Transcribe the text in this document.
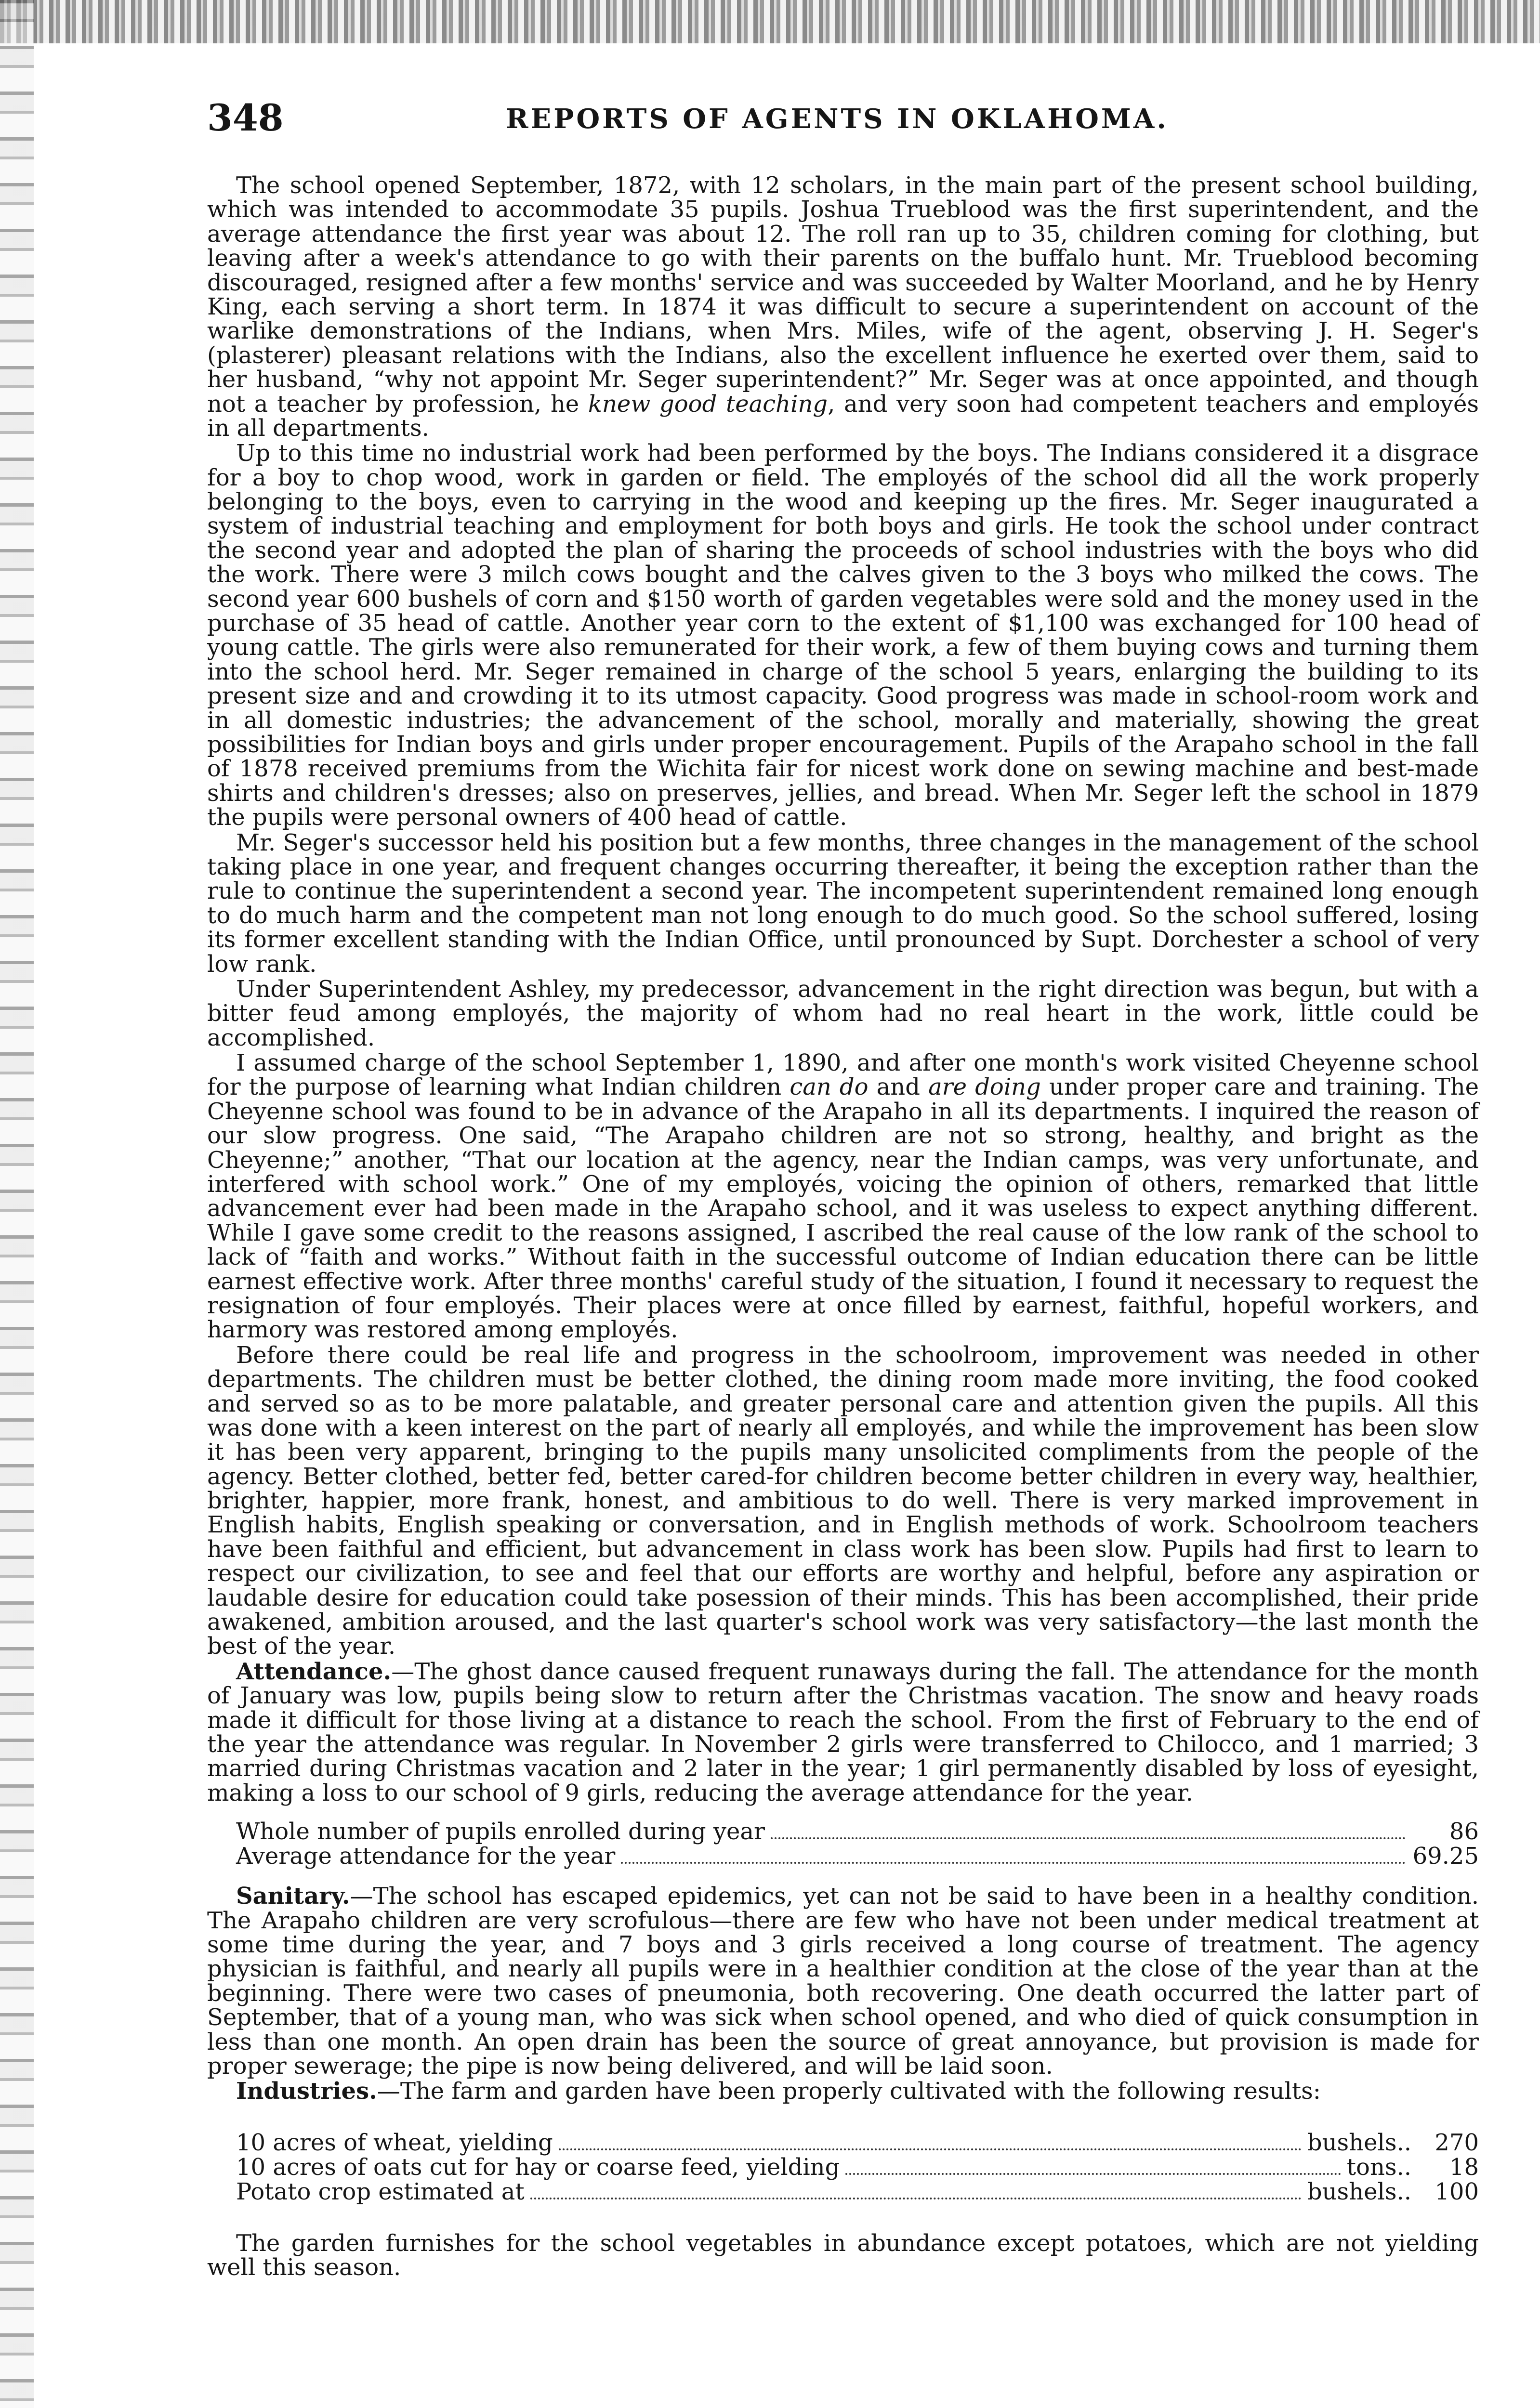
348	REPORTS OF AGENTS IN OKLAHOMA.

The school opened September, 1872, with 12 scholars, in the main part of the present school building, which was intended to accommodate 35 pupils. Joshua Trueblood was the first superintendent, and the average attendance the first year was about 12. The roll ran up to 35, children coming for clothing, but leaving after a week's attendance to go with their parents on the buffalo hunt. Mr. Trueblood becoming discouraged, resigned after a few months' service and was succeeded by Walter Moorland, and he by Henry King, each serving a short term. In 1874 it was difficult to secure a superintendent on account of the warlike demonstrations of the Indians, when Mrs. Miles, wife of the agent, observing J. H. Seger's (plasterer) pleasant relations with the Indians, also the excellent influence he exerted over them, said to her husband, “why not appoint Mr. Seger superintendent?” Mr. Seger was at once appointed, and though not a teacher by profession, he knew good teaching, and very soon had competent teachers and employés in all departments.

Up to this time no industrial work had been performed by the boys. The Indians considered it a disgrace for a boy to chop wood, work in garden or field. The employés of the school did all the work properly belonging to the boys, even to carrying in the wood and keeping up the fires. Mr. Seger inaugurated a system of industrial teaching and employment for both boys and girls. He took the school under contract the second year and adopted the plan of sharing the proceeds of school industries with the boys who did the work. There were 3 milch cows bought and the calves given to the 3 boys who milked the cows. The second year 600 bushels of corn and $150 worth of garden vegetables were sold and the money used in the purchase of 35 head of cattle. Another year corn to the extent of $1,100 was exchanged for 100 head of young cattle. The girls were also remunerated for their work, a few of them buying cows and turning them into the school herd. Mr. Seger remained in charge of the school 5 years, enlarging the building to its present size and and crowding it to its utmost capacity. Good progress was made in school-room work and in all domestic industries; the advancement of the school, morally and materially, showing the great possibilities for Indian boys and girls under proper encouragement. Pupils of the Arapaho school in the fall of 1878 received premiums from the Wichita fair for nicest work done on sewing machine and best-made shirts and children's dresses; also on preserves, jellies, and bread. When Mr. Seger left the school in 1879 the pupils were personal owners of 400 head of cattle.

Mr. Seger's successor held his position but a few months, three changes in the management of the school taking place in one year, and frequent changes occurring thereafter, it being the exception rather than the rule to continue the superintendent a second year. The incompetent superintendent remained long enough to do much harm and the competent man not long enough to do much good. So the school suffered, losing its former excellent standing with the Indian Office, until pronounced by Supt. Dorchester a school of very low rank.

Under Superintendent Ashley, my predecessor, advancement in the right direction was begun, but with a bitter feud among employés, the majority of whom had no real heart in the work, little could be accomplished.

I assumed charge of the school September 1, 1890, and after one month's work visited Cheyenne school for the purpose of learning what Indian children can do and are doing under proper care and training. The Cheyenne school was found to be in advance of the Arapaho in all its departments. I inquired the reason of our slow progress. One said, “The Arapaho children are not so strong, healthy, and bright as the Cheyenne;” another, “That our location at the agency, near the Indian camps, was very unfortunate, and interfered with school work.” One of my employés, voicing the opinion of others, remarked that little advancement ever had been made in the Arapaho school, and it was useless to expect anything different. While I gave some credit to the reasons assigned, I ascribed the real cause of the low rank of the school to lack of “faith and works.” Without faith in the successful outcome of Indian education there can be little earnest effective work. After three months' careful study of the situation, I found it necessary to request the resignation of four employés. Their places were at once filled by earnest, faithful, hopeful workers, and harmory was restored among employés.

Before there could be real life and progress in the schoolroom, improvement was needed in other departments. The children must be better clothed, the dining room made more inviting, the food cooked and served so as to be more palatable, and greater personal care and attention given the pupils. All this was done with a keen interest on the part of nearly all employés, and while the improvement has been slow it has been very apparent, bringing to the pupils many unsolicited compliments from the people of the agency. Better clothed, better fed, better cared-for children become better children in every way, healthier, brighter, happier, more frank, honest, and ambitious to do well. There is very marked improvement in English habits, English speaking or conversation, and in English methods of work. Schoolroom teachers have been faithful and efficient, but advancement in class work has been slow. Pupils had first to learn to respect our civilization, to see and feel that our efforts are worthy and helpful, before any aspiration or laudable desire for education could take posession of their minds. This has been accomplished, their pride awakened, ambition aroused, and the last quarter's school work was very satisfactory—the last month the best of the year.

Attendance.—The ghost dance caused frequent runaways during the fall. The attendance for the month of January was low, pupils being slow to return after the Christmas vacation. The snow and heavy roads made it difficult for those living at a distance to reach the school. From the first of February to the end of the year the attendance was regular. In November 2 girls were transferred to Chilocco, and 1 married; 3 married during Christmas vacation and 2 later in the year; 1 girl permanently disabled by loss of eyesight, making a loss to our school of 9 girls, reducing the average attendance for the year.

Whole number of pupils enrolled during year	86
Average attendance for the year	69.25

Sanitary.—The school has escaped epidemics, yet can not be said to have been in a healthy condition. The Arapaho children are very scrofulous—there are few who have not been under medical treatment at some time during the year, and 7 boys and 3 girls received a long course of treatment. The agency physician is faithful, and nearly all pupils were in a healthier condition at the close of the year than at the beginning. There were two cases of pneumonia, both recovering. One death occurred the latter part of September, that of a young man, who was sick when school opened, and who died of quick consumption in less than one month. An open drain has been the source of great annoyance, but provision is made for proper sewerage; the pipe is now being delivered, and will be laid soon.

Industries.—The farm and garden have been properly cultivated with the following results:

10 acres of wheat, yielding	bushels..	270
10 acres of oats cut for hay or coarse feed, yielding	tons..	18
Potato crop estimated at	bushels..	100

The garden furnishes for the school vegetables in abundance except potatoes, which are not yielding well this season.
